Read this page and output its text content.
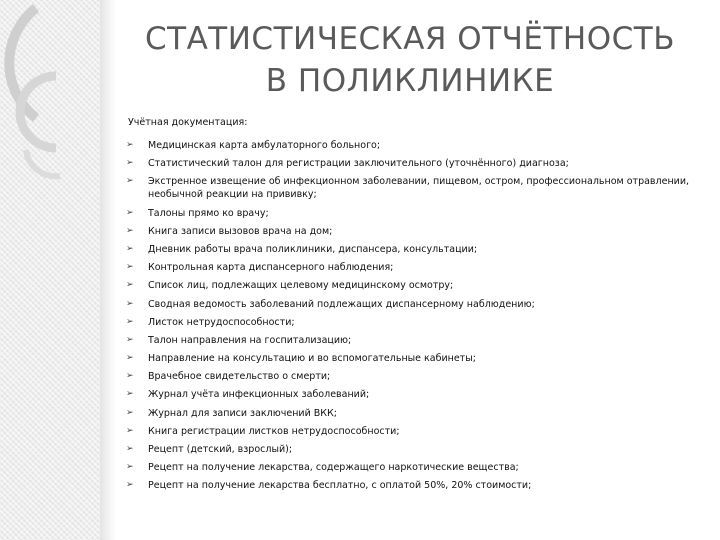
СТАТИСТИЧЕСКАЯ ОТЧЁТНОСТЬ
В ПОЛИКЛИНИКЕ

Учётная документация:

➢ Медицинская карта амбулаторного больного;
➢ Статистический талон для регистрации заключительного (уточнённого) диагноза;
➢ Экстренное извещение об инфекционном заболевании, пищевом, остром, профессиональном отравлении, необычной реакции на прививку;
➢ Талоны прямо ко врачу;
➢ Книга записи вызовов врача на дом;
➢ Дневник работы врача поликлиники, диспансера, консультации;
➢ Контрольная карта диспансерного наблюдения;
➢ Список лиц, подлежащих целевому медицинскому осмотру;
➢ Сводная ведомость заболеваний подлежащих диспансерному наблюдению;
➢ Листок нетрудоспособности;
➢ Талон направления на госпитализацию;
➢ Направление на консультацию и во вспомогательные кабинеты;
➢ Врачебное свидетельство о смерти;
➢ Журнал учёта инфекционных заболеваний;
➢ Журнал для записи заключений ВКК;
➢ Книга регистрации листков нетрудоспособности;
➢ Рецепт (детский, взрослый);
➢ Рецепт на получение лекарства, содержащего наркотические вещества;
➢ Рецепт на получение лекарства бесплатно, с оплатой 50%, 20% стоимости;
